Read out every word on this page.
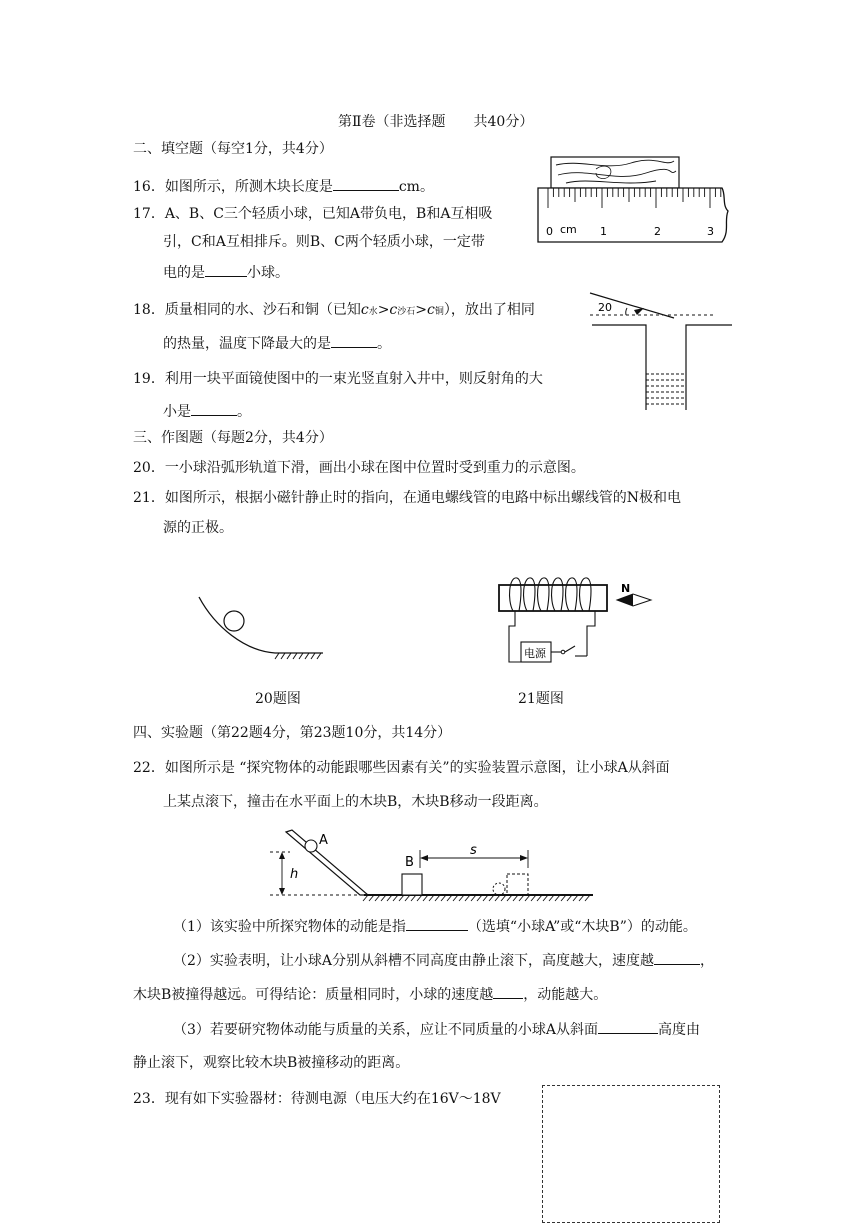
第Ⅱ卷（非选择题　　共40分）
二、填空题（每空1分，共4分）
16．如图所示，所测木块长度是	cm。
17．A、B、C三个轻质小球，已知A带负电，B和A互相吸
引，C和A互相排斥。则B、C两个轻质小球，一定带
电的是	小球。
18．质量相同的水、沙石和铜（已知c水>c沙石>c铜），放出了相同
的热量，温度下降最大的是	。
19．利用一块平面镜使图中的一束光竖直射入井中，则反射角的大
小是	。
0 cm 1	2	3
20
三、作图题（每题2分，共4分）
20．一小球沿弧形轨道下滑，画出小球在图中位置时受到重力的示意图。
21．如图所示，根据小磁针静止时的指向，在通电螺线管的电路中标出螺线管的N极和电
源的正极。
20题图
电源
N
21题图
四、实验题（第22题4分，第23题10分，共14分）
22．如图所示是 “探究物体的动能跟哪些因素有关”的实验装置示意图，让小球A从斜面
上某点滚下，撞击在水平面上的木块B，木块B移动一段距离。
h
A
B
s
（1）该实验中所探究物体的动能是指	（选填“小球A”或“木块B”）的动能。
（2）实验表明，让小球A分别从斜槽不同高度由静止滚下，高度越大，速度越	，
木块B被撞得越远。可得结论：质量相同时，小球的速度越 ，动能越大。
（3）若要研究物体动能与质量的关系，应让不同质量的小球A从斜面	高度由
静止滚下，观察比较木块B被撞移动的距离。
23．现有如下实验器材：待测电源（电压大约在16V～18V
